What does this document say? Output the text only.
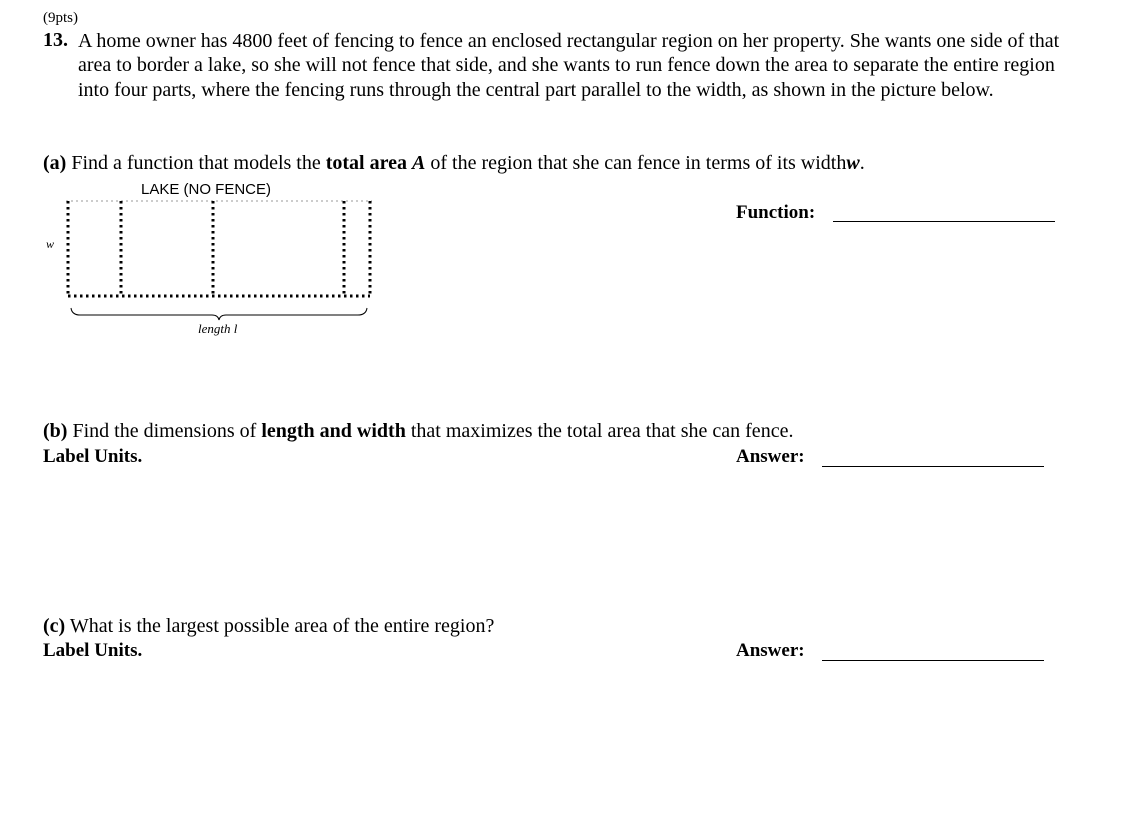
(9pts)
13. A home owner has 4800 feet of fencing to fence an enclosed rectangular region on her property. She wants one side of that area to border a lake, so she will not fence that side, and she wants to run fence down the area to separate the entire region into four parts, where the fencing runs through the central part parallel to the width, as shown in the picture below.
(a) Find a function that models the total area A of the region that she can fence in terms of its widthw.
LAKE (NO FENCE)
w
length l
Function:
(b) Find the dimensions of length and width that maximizes the total area that she can fence.
Label Units.	Answer:
(c) What is the largest possible area of the entire region?
Label Units.	Answer:
